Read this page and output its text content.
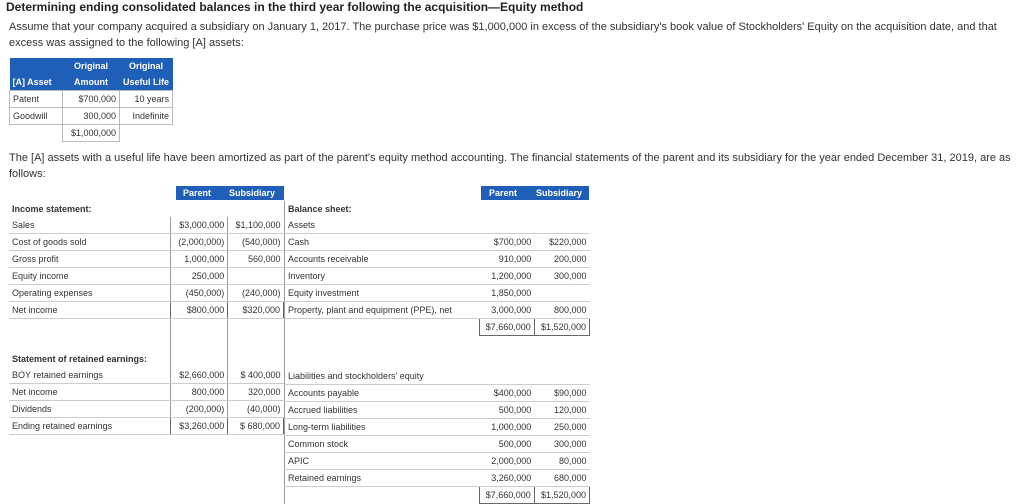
Determining ending consolidated balances in the third year following the acquisition—Equity method
Assume that your company acquired a subsidiary on January 1, 2017. The purchase price was $1,000,000 in excess of the subsidiary's book value of Stockholders' Equity on the acquisition date, and that excess was assigned to the following [A] assets:
	Original	Original
[A] Asset	Amount	Useful Life
Patent	$700,000	10 years
Goodwill	300,000	Indefinite
	$1,000,000	
The [A] assets with a useful life have been amortized as part of the parent's equity method accounting. The financial statements of the parent and its subsidiary for the year ended December 31, 2019, are as follows:
Parent Subsidiary	Parent Subsidiary
Income statement:		
Sales	$3,000,000	$1,100,000
Cost of goods sold	(2,000,000)	(540,000)
Gross profit	1,000,000	560,000
Equity income	250,000	
Operating expenses	(450,000)	(240,000)
Net income	$800,000	$320,000

Statement of retained earnings:		
BOY retained earnings	$2,660,000	$ 400,000
Net income	800,000	320,000
Dividends	(200,000)	(40,000)
Ending retained earnings	$3,260,000	$ 680,000
Balance sheet:		
Assets		
Cash	$700,000	$220,000
Accounts receivable	910,000	200,000
Inventory	1,200,000	300,000
Equity investment	1,850,000	
Property, plant and equipment (PPE), net	3,000,000	800,000
	$7,660,000	$1,520,000

Liabilities and stockholders' equity		
Accounts payable	$400,000	$90,000
Accrued liabilities	500,000	120,000
Long-term liabilities	1,000,000	250,000
Common stock	500,000	300,000
APIC	2,000,000	80,000
Retained earnings	3,260,000	680,000
	$7,660,000	$1,520,000
